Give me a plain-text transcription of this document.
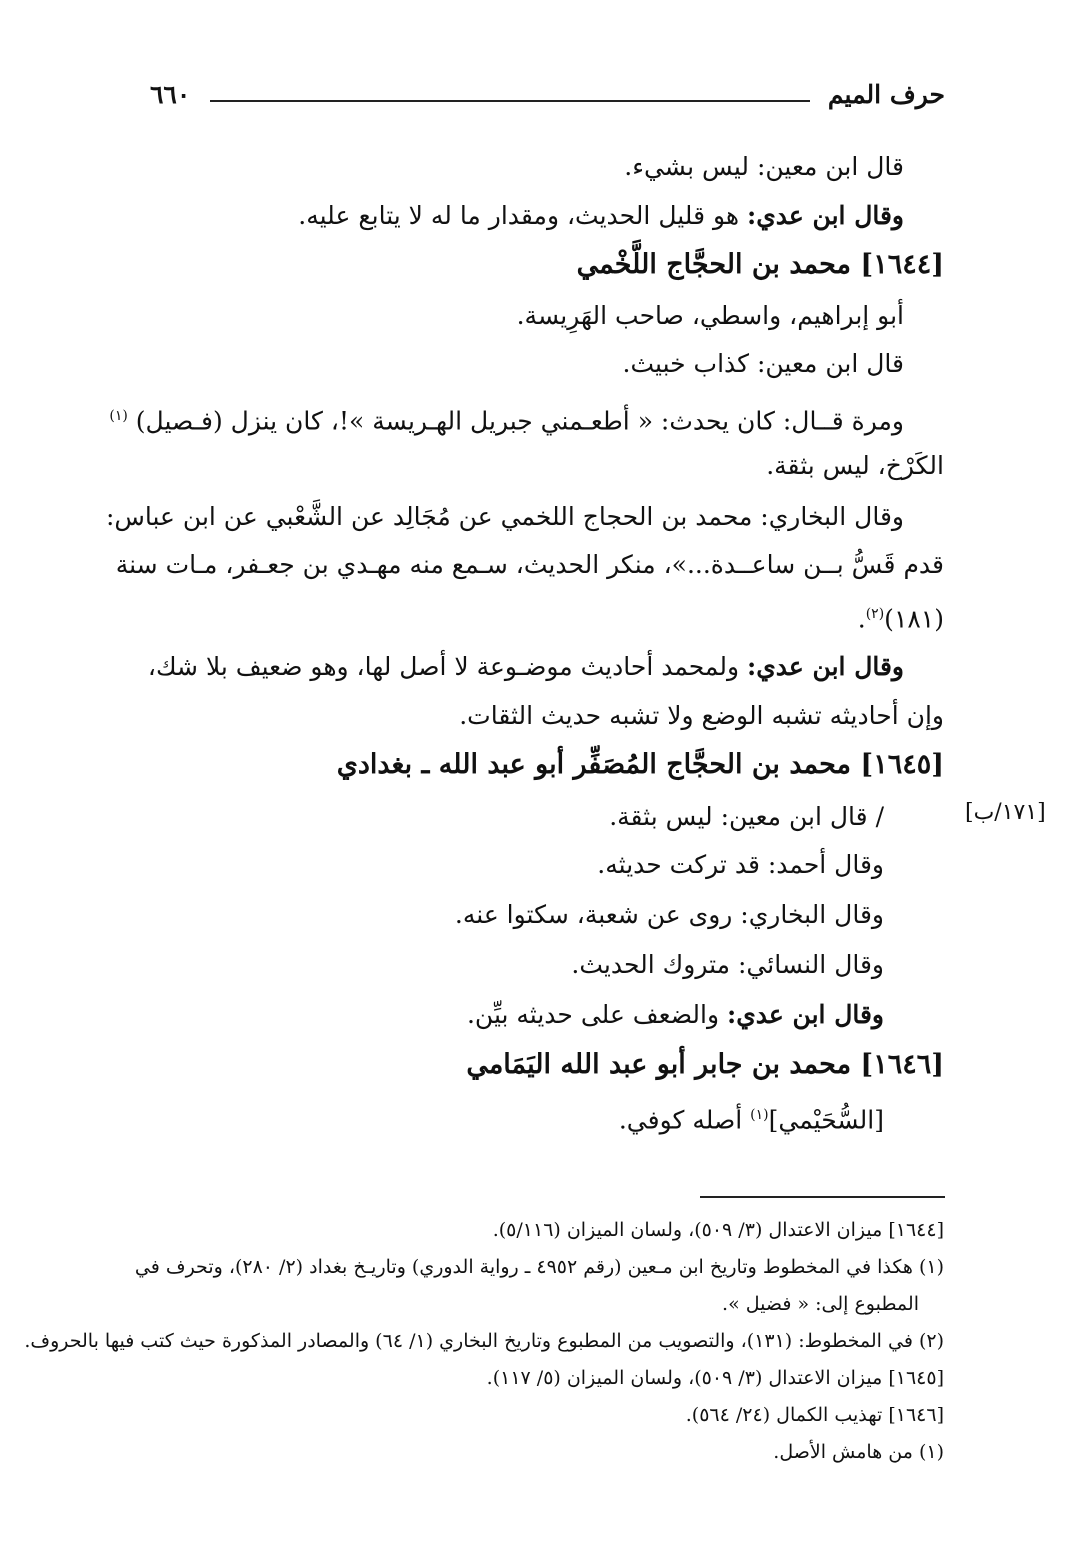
حرف الميم
٦٦٠
قال ابن معين: ليس بشيء.
وقال ابن عدي: هو قليل الحديث، ومقدار ما له لا يتابع عليه.
[١٦٤٤] محمد بن الحجَّاج اللَّخْمي
أبو إبراهيم، واسطي، صاحب الهَرِيسة.
قال ابن معين: كذاب خبيث.
ومرة قــال: كان يحدث: « أطعـمني جبريل الهـريسة »!، كان ينزل (فـصيل) $^{(١)}$
الكَرْخ، ليس بثقة.
وقال البخاري: محمد بن الحجاج اللخمي عن مُجَالِد عن الشَّعْبي عن ابن عباس:
قدم قَسُّ بــن ساعــدة...»، منكر الحديث، سـمع منه مهـدي بن جعـفر، مـات سنة
(١٨١)$^{(٢)}$.
وقال ابن عدي: ولمحمد أحاديث موضـوعة لا أصل لها، وهو ضعيف بلا شك،
وإن أحاديثه تشبه الوضع ولا تشبه حديث الثقات.
[١٦٤٥] محمد بن الحجَّاج المُصَفِّر أبو عبد الله ـ بغدادي
[١٧١/ب]
/ قال ابن معين: ليس بثقة.
وقال أحمد: قد تركت حديثه.
وقال البخاري: روى عن شعبة، سكتوا عنه.
وقال النسائي: متروك الحديث.
وقال ابن عدي: والضعف على حديثه بيِّن.
[١٦٤٦] محمد بن جابر أبو عبد الله اليَمَامي
[السُّحَيْمي]$^{(١)}$ أصله كوفي.
[١٦٤٤] ميزان الاعتدال (٣/ ٥٠٩)، ولسان الميزان (٥/١١٦).
(١) هكذا في المخطوط وتاريخ ابن مـعين (رقم ٤٩٥٢ ـ رواية الدوري) وتاريـخ بغداد (٢/ ٢٨٠)، وتحرف في
المطبوع إلى: « فضيل ».
(٢) في المخطوط: (١٣١)، والتصويب من المطبوع وتاريخ البخاري (١/ ٦٤) والمصادر المذكورة حيث كتب فيها بالحروف.
[١٦٤٥] ميزان الاعتدال (٣/ ٥٠٩)، ولسان الميزان (٥/ ١١٧).
[١٦٤٦] تهذيب الكمال (٢٤/ ٥٦٤).
(١) من هامش الأصل.
